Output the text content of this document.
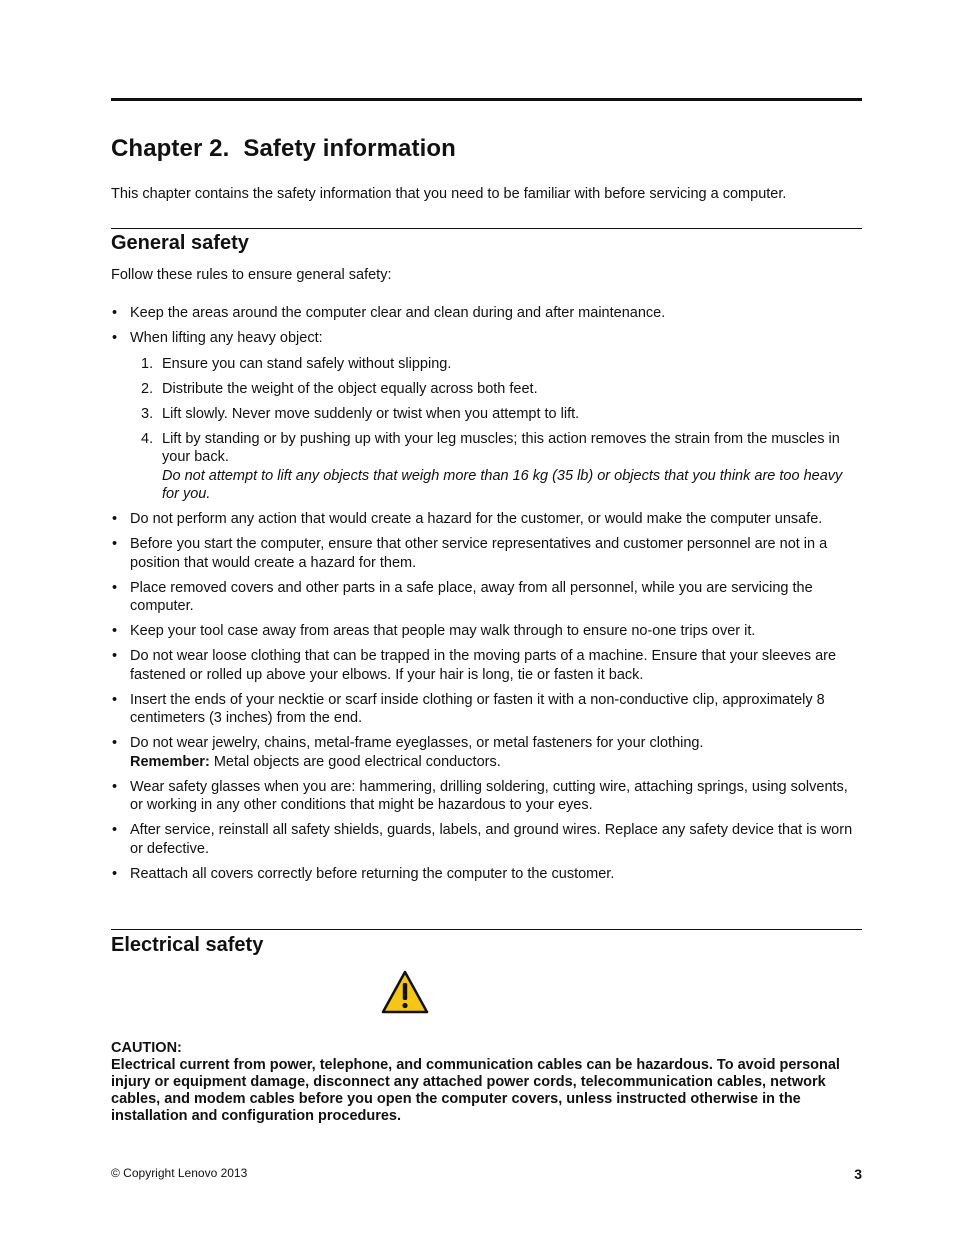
Chapter 2. Safety information

This chapter contains the safety information that you need to be familiar with before servicing a computer.

General safety

Follow these rules to ensure general safety:

• Keep the areas around the computer clear and clean during and after maintenance.
• When lifting any heavy object:
1. Ensure you can stand safely without slipping.
2. Distribute the weight of the object equally across both feet.
3. Lift slowly. Never move suddenly or twist when you attempt to lift.
4. Lift by standing or by pushing up with your leg muscles; this action removes the strain from the muscles in your back.
Do not attempt to lift any objects that weigh more than 16 kg (35 lb) or objects that you think are too heavy for you.
• Do not perform any action that would create a hazard for the customer, or would make the computer unsafe.
• Before you start the computer, ensure that other service representatives and customer personnel are not in a position that would create a hazard for them.
• Place removed covers and other parts in a safe place, away from all personnel, while you are servicing the computer.
• Keep your tool case away from areas that people may walk through to ensure no-one trips over it.
• Do not wear loose clothing that can be trapped in the moving parts of a machine. Ensure that your sleeves are fastened or rolled up above your elbows. If your hair is long, tie or fasten it back.
• Insert the ends of your necktie or scarf inside clothing or fasten it with a non-conductive clip, approximately 8 centimeters (3 inches) from the end.
• Do not wear jewelry, chains, metal-frame eyeglasses, or metal fasteners for your clothing.
Remember: Metal objects are good electrical conductors.
• Wear safety glasses when you are: hammering, drilling soldering, cutting wire, attaching springs, using solvents, or working in any other conditions that might be hazardous to your eyes.
• After service, reinstall all safety shields, guards, labels, and ground wires. Replace any safety device that is worn or defective.
• Reattach all covers correctly before returning the computer to the customer.
Electrical safety

CAUTION:
Electrical current from power, telephone, and communication cables can be hazardous. To avoid personal injury or equipment damage, disconnect any attached power cords, telecommunication cables, network cables, and modem cables before you open the computer covers, unless instructed otherwise in the installation and configuration procedures.

© Copyright Lenovo 2013	3
